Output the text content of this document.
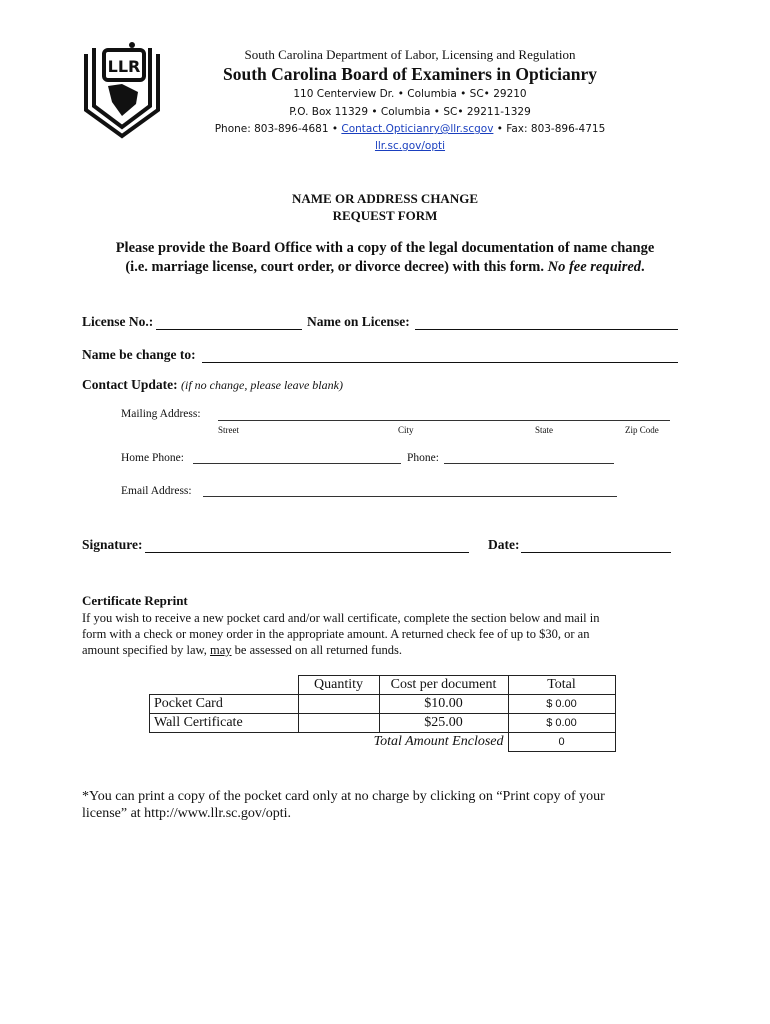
LLR
South Carolina Department of Labor, Licensing and Regulation
South Carolina Board of Examiners in Opticianry
110 Centerview Dr. • Columbia • SC• 29210
P.O. Box 11329 • Columbia • SC• 29211-1329
Phone: 803-896-4681 • Contact.Opticianry@llr.scgov • Fax: 803-896-4715
llr.sc.gov/opti
NAME OR ADDRESS CHANGE
REQUEST FORM
Please provide the Board Office with a copy of the legal documentation of name change
(i.e. marriage license, court order, or divorce decree) with this form. No fee required.
License No.:	Name on License:
Name be change to:
Contact Update: (if no change, please leave blank)
Mailing Address:
Street	City	State	Zip Code
Home Phone:	Phone:
Email Address:
Signature:	Date:
Certificate Reprint
If you wish to receive a new pocket card and/or wall certificate, complete the section below and mail in
form with a check or money order in the appropriate amount. A returned check fee of up to $30, or an
amount specified by law, may be assessed on all returned funds.
	Quantity	Cost per document	Total
Pocket Card		$10.00	$ 0.00
Wall Certificate		$25.00	$ 0.00
	Total Amount Enclosed		0
*You can print a copy of the pocket card only at no charge by clicking on “Print copy of your
license” at http://www.llr.sc.gov/opti.
